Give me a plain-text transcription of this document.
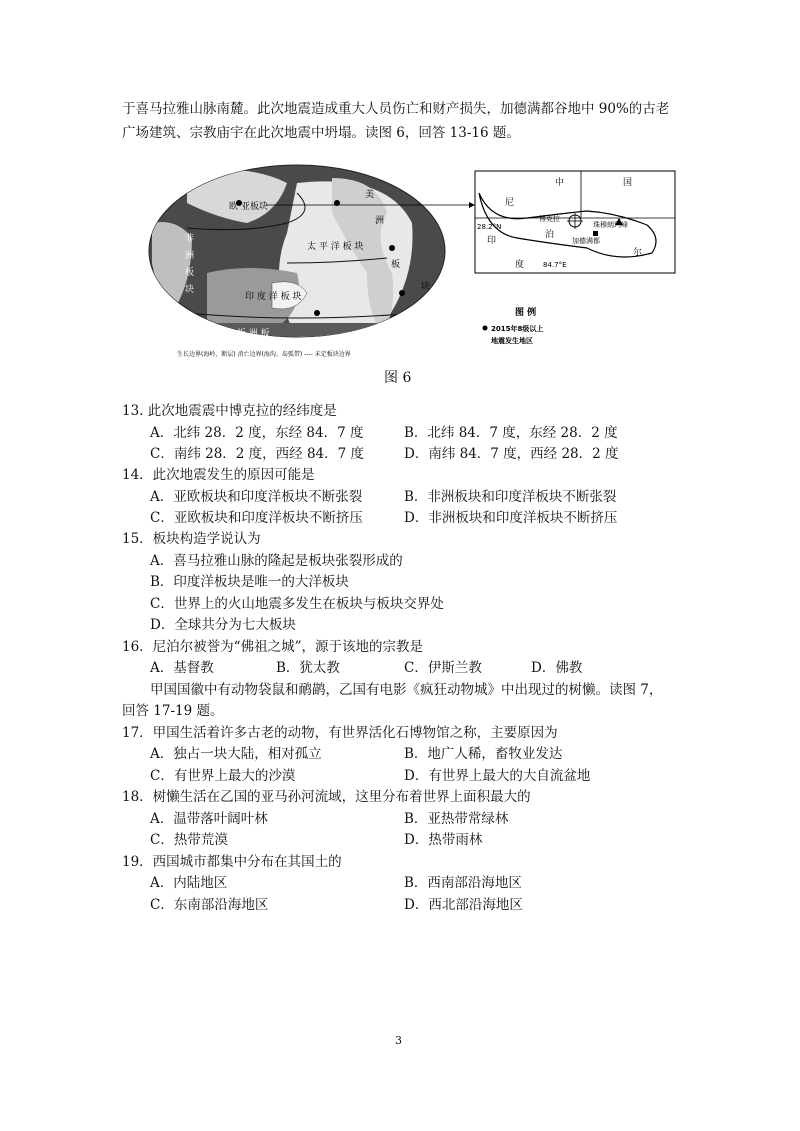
于喜马拉雅山脉南麓。此次地震造成重大人员伤亡和财产损失，加德满都谷地中 90%的古老
广场建筑、宗教庙宇在此次地震中坍塌。读图 6，回答 13-16 题。
欧 亚板块
非
洲
板
块
美
洲
板
块
太 平 洋 板 块
印 度 洋 板 块
南 板 洲 板
生长边界(海岭、断层) 消亡边界(海沟、岛弧带) ---- 未定板块边界
中	国
尼
泊
尔
印
度
博克拉
珠穆朗玛峰
加德满都
28.2°N
84.7°E
图 例
2015年8级以上
地震发生地区
图 6
13. 此次地震震中博克拉的经纬度是
A．北纬 28．2 度，东经 84．7 度	B．北纬 84．7 度，东经 28．2 度
C．南纬 28．2 度，西经 84．7 度	D．南纬 84．7 度，西经 28．2 度
14．此次地震发生的原因可能是
A．亚欧板块和印度洋板块不断张裂	B．非洲板块和印度洋板块不断张裂
C．亚欧板块和印度洋板块不断挤压	D．非洲板块和印度洋板块不断挤压
15．板块构造学说认为
A．喜马拉雅山脉的隆起是板块张裂形成的
B．印度洋板块是唯一的大洋板块
C．世界上的火山地震多发生在板块与板块交界处
D．全球共分为七大板块
16．尼泊尔被誉为“佛祖之城”，源于该地的宗教是
A．基督教	B．犹太教	C．伊斯兰教	D．佛教
甲国国徽中有动物袋鼠和鸸鹋，乙国有电影《疯狂动物城》中出现过的树懒。读图 7，
回答 17-19 题。
17．甲国生活着许多古老的动物，有世界活化石博物馆之称，主要原因为
A．独占一块大陆，相对孤立	B．地广人稀，畜牧业发达
C．有世界上最大的沙漠	D．有世界上最大的大自流盆地
18．树懒生活在乙国的亚马孙河流域，这里分布着世界上面积最大的
A．温带落叶阔叶林	B．亚热带常绿林
C．热带荒漠	D．热带雨林
19．西国城市都集中分布在其国土的
A．内陆地区	B．西南部沿海地区
C．东南部沿海地区	D．西北部沿海地区
3
